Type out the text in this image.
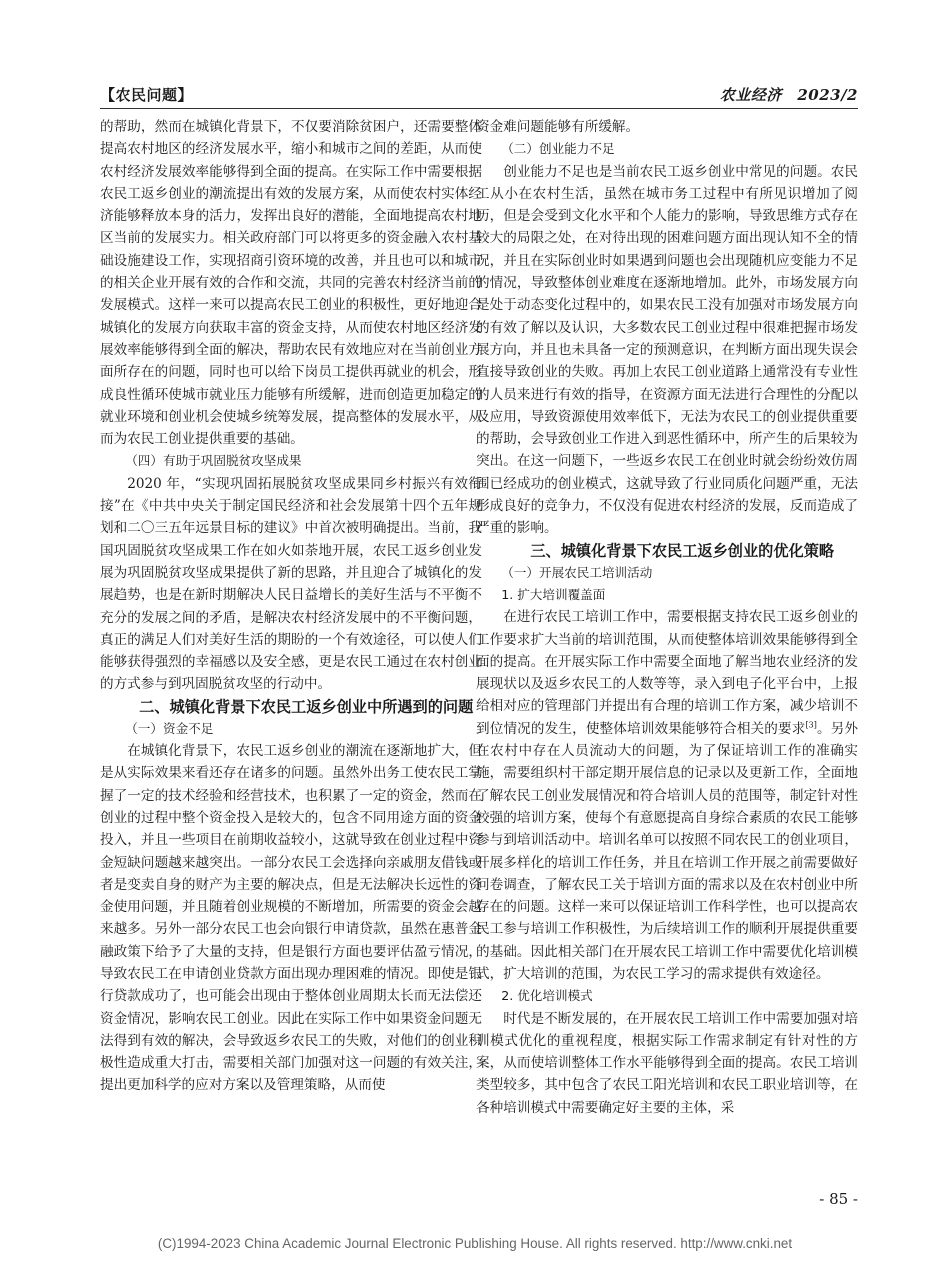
【农民问题】	农业经济　2023/2

的帮助，然而在城镇化背景下，不仅要消除贫困户，还需要整体提高农村地区的经济发展水平，缩小和城市之间的差距，从而使农村经济发展效率能够得到全面的提高。在实际工作中需要根据农民工返乡创业的潮流提出有效的发展方案，从而使农村实体经济能够释放本身的活力，发挥出良好的潜能，全面地提高农村地区当前的发展实力。相关政府部门可以将更多的资金融入农村基础设施建设工作，实现招商引资环境的改善，并且也可以和城市的相关企业开展有效的合作和交流，共同的完善农村经济当前的发展模式。这样一来可以提高农民工创业的积极性，更好地迎合城镇化的发展方向获取丰富的资金支持，从而使农村地区经济发展效率能够得到全面的解决，帮助农民有效地应对在当前创业方面所存在的问题，同时也可以给下岗员工提供再就业的机会，形成良性循环使城市就业压力能够有所缓解，进而创造更加稳定的就业环境和创业机会使城乡统筹发展，提高整体的发展水平，从而为农民工创业提供重要的基础。

（四）有助于巩固脱贫攻坚成果

2020 年，“实现巩固拓展脱贫攻坚成果同乡村振兴有效衔接”在《中共中央关于制定国民经济和社会发展第十四个五年规划和二〇三五年远景目标的建议》中首次被明确提出。当前，我国巩固脱贫攻坚成果工作在如火如荼地开展，农民工返乡创业发展为巩固脱贫攻坚成果提供了新的思路，并且迎合了城镇化的发展趋势，也是在新时期解决人民日益增长的美好生活与不平衡不充分的发展之间的矛盾，是解决农村经济发展中的不平衡问题，真正的满足人们对美好生活的期盼的一个有效途径，可以使人们能够获得强烈的幸福感以及安全感，更是农民工通过在农村创业的方式参与到巩固脱贫攻坚的行动中。

二、城镇化背景下农民工返乡创业中所遇到的问题

（一）资金不足

在城镇化背景下，农民工返乡创业的潮流在逐渐地扩大，但是从实际效果来看还存在诸多的问题。虽然外出务工使农民工掌握了一定的技术经验和经营技术，也积累了一定的资金，然而在创业的过程中整个资金投入是较大的，包含不同用途方面的资金投入，并且一些项目在前期收益较小，这就导致在创业过程中资金短缺问题越来越突出。一部分农民工会选择向亲戚朋友借钱或者是变卖自身的财产为主要的解决点，但是无法解决长远性的资金使用问题，并且随着创业规模的不断增加，所需要的资金会越来越多。另外一部分农民工也会向银行申请贷款，虽然在惠普金融政策下给予了大量的支持，但是银行方面也要评估盈亏情况，导致农民工在申请创业贷款方面出现办理困难的情况。即使是银行贷款成功了，也可能会出现由于整体创业周期太长而无法偿还资金情况，影响农民工创业。因此在实际工作中如果资金问题无法得到有效的解决，会导致返乡农民工的失败，对他们的创业积极性造成重大打击，需要相关部门加强对这一问题的有效关注，提出更加科学的应对方案以及管理策略，从而使

资金难问题能够有所缓解。

（二）创业能力不足

创业能力不足也是当前农民工返乡创业中常见的问题。农民工从小在农村生活，虽然在城市务工过程中有所见识增加了阅历，但是会受到文化水平和个人能力的影响，导致思维方式存在较大的局限之处，在对待出现的困难问题方面出现认知不全的情况，并且在实际创业时如果遇到问题也会出现随机应变能力不足的情况，导致整体创业难度在逐渐地增加。此外，市场发展方向是处于动态变化过程中的，如果农民工没有加强对市场发展方向的有效了解以及认识，大多数农民工创业过程中很难把握市场发展方向，并且也未具备一定的预测意识，在判断方面出现失误会直接导致创业的失败。再加上农民工创业道路上通常没有专业性的人员来进行有效的指导，在资源方面无法进行合理性的分配以及应用，导致资源使用效率低下，无法为农民工的创业提供重要的帮助，会导致创业工作进入到恶性循环中，所产生的后果较为突出。在这一问题下，一些返乡农民工在创业时就会纷纷效仿周围已经成功的创业模式，这就导致了行业同质化问题严重，无法形成良好的竞争力，不仅没有促进农村经济的发展，反而造成了严重的影响。

三、城镇化背景下农民工返乡创业的优化策略

（一）开展农民工培训活动

1. 扩大培训覆盖面

在进行农民工培训工作中，需要根据支持农民工返乡创业的工作要求扩大当前的培训范围，从而使整体培训效果能够得到全面的提高。在开展实际工作中需要全面地了解当地农业经济的发展现状以及返乡农民工的人数等等，录入到电子化平台中，上报给相对应的管理部门并提出有合理的培训工作方案，减少培训不到位情况的发生，使整体培训效果能够符合相关的要求[3]。另外在农村中存在人员流动大的问题，为了保证培训工作的准确实施，需要组织村干部定期开展信息的记录以及更新工作，全面地了解农民工创业发展情况和符合培训人员的范围等，制定针对性较强的培训方案，使每个有意愿提高自身综合素质的农民工能够参与到培训活动中。培训名单可以按照不同农民工的创业项目，开展多样化的培训工作任务，并且在培训工作开展之前需要做好问卷调查，了解农民工关于培训方面的需求以及在农村创业中所存在的问题。这样一来可以保证培训工作科学性，也可以提高农民工参与培训工作积极性，为后续培训工作的顺利开展提供重要的基础。因此相关部门在开展农民工培训工作中需要优化培训模式，扩大培训的范围，为农民工学习的需求提供有效途径。

2. 优化培训模式

时代是不断发展的，在开展农民工培训工作中需要加强对培训模式优化的重视程度，根据实际工作需求制定有针对性的方案，从而使培训整体工作水平能够得到全面的提高。农民工培训类型较多，其中包含了农民工阳光培训和农民工职业培训等，在各种培训模式中需要确定好主要的主体，采

- 85 -
(C)1994-2023 China Academic Journal Electronic Publishing House. All rights reserved. http://www.cnki.net
